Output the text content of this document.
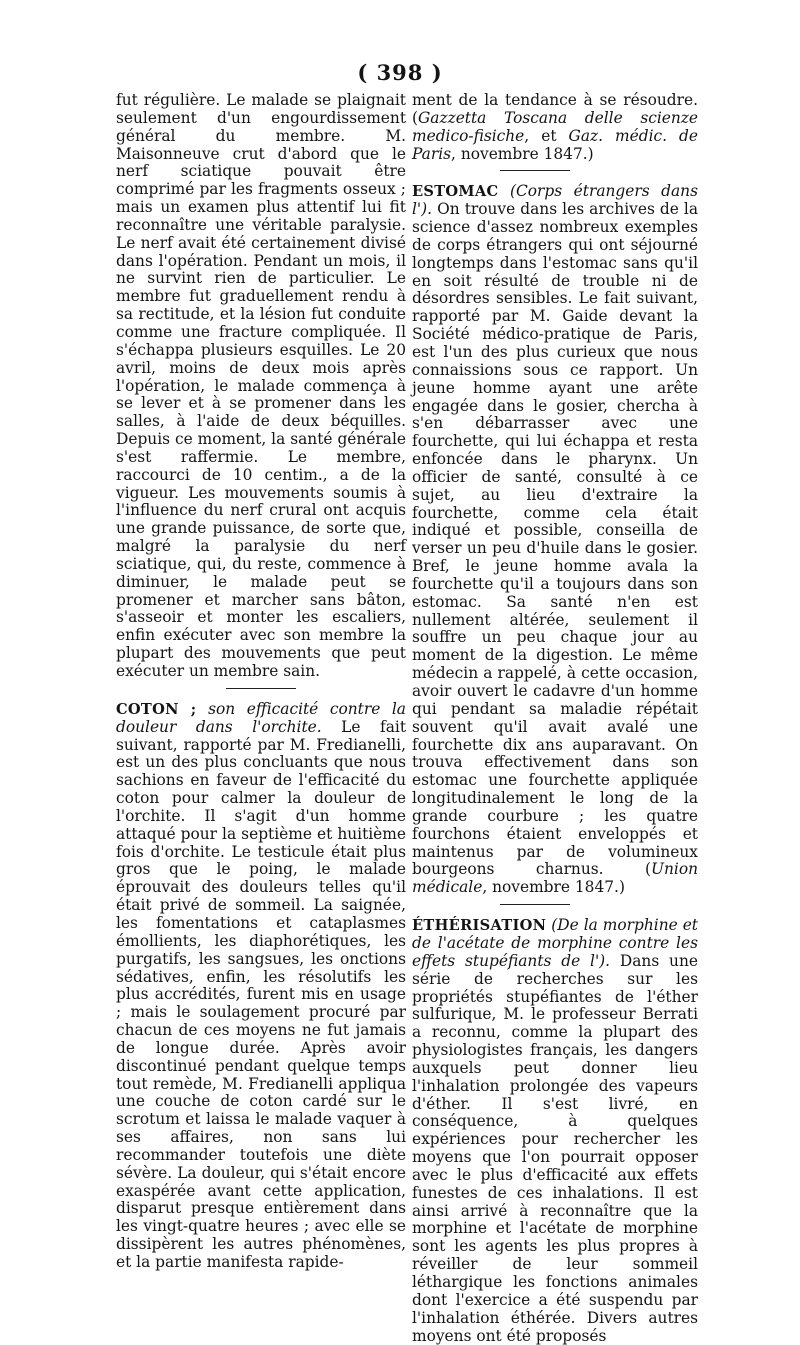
( 398 )

fut régulière. Le malade se plaignait seulement d'un engourdissement général du membre. M. Maisonneuve crut d'abord que le nerf sciatique pouvait être comprimé par les fragments osseux ; mais un examen plus attentif lui fit reconnaître une véritable paralysie. Le nerf avait été certainement divisé dans l'opération. Pendant un mois, il ne survint rien de particulier. Le membre fut graduellement rendu à sa rectitude, et la lésion fut conduite comme une fracture compliquée. Il s'échappa plusieurs esquilles. Le 20 avril, moins de deux mois après l'opération, le malade commença à se lever et à se promener dans les salles, à l'aide de deux béquilles. Depuis ce moment, la santé générale s'est raffermie. Le membre, raccourci de 10 centim., a de la vigueur. Les mouvements soumis à l'influence du nerf crural ont acquis une grande puissance, de sorte que, malgré la paralysie du nerf sciatique, qui, du reste, commence à diminuer, le malade peut se promener et marcher sans bâton, s'asseoir et monter les escaliers, enfin exécuter avec son membre la plupart des mouvements que peut exécuter un membre sain.

COTON ; son efficacité contre la douleur dans l'orchite. Le fait suivant, rapporté par M. Fredianelli, est un des plus concluants que nous sachions en faveur de l'efficacité du coton pour calmer la douleur de l'orchite. Il s'agit d'un homme attaqué pour la septième et huitième fois d'orchite. Le testicule était plus gros que le poing, le malade éprouvait des douleurs telles qu'il était privé de sommeil. La saignée, les fomentations et cataplasmes émollients, les diaphorétiques, les purgatifs, les sangsues, les onctions sédatives, enfin, les résolutifs les plus accrédités, furent mis en usage ; mais le soulagement procuré par chacun de ces moyens ne fut jamais de longue durée. Après avoir discontinué pendant quelque temps tout remède, M. Fredianelli appliqua une couche de coton cardé sur le scrotum et laissa le malade vaquer à ses affaires, non sans lui recommander toutefois une diète sévère. La douleur, qui s'était encore exaspérée avant cette application, disparut presque entièrement dans les vingt-quatre heures ; avec elle se dissipèrent les autres phénomènes, et la partie manifesta rapide-

ment de la tendance à se résoudre. (Gazzetta Toscana delle scienze medico-fisiche, et Gaz. médic. de Paris, novembre 1847.)

ESTOMAC (Corps étrangers dans l'). On trouve dans les archives de la science d'assez nombreux exemples de corps étrangers qui ont séjourné longtemps dans l'estomac sans qu'il en soit résulté de trouble ni de désordres sensibles. Le fait suivant, rapporté par M. Gaide devant la Société médico-pratique de Paris, est l'un des plus curieux que nous connaissions sous ce rapport. Un jeune homme ayant une arête engagée dans le gosier, chercha à s'en débarrasser avec une fourchette, qui lui échappa et resta enfoncée dans le pharynx. Un officier de santé, consulté à ce sujet, au lieu d'extraire la fourchette, comme cela était indiqué et possible, conseilla de verser un peu d'huile dans le gosier. Bref, le jeune homme avala la fourchette qu'il a toujours dans son estomac. Sa santé n'en est nullement altérée, seulement il souffre un peu chaque jour au moment de la digestion. Le même médecin a rappelé, à cette occasion, avoir ouvert le cadavre d'un homme qui pendant sa maladie répétait souvent qu'il avait avalé une fourchette dix ans auparavant. On trouva effectivement dans son estomac une fourchette appliquée longitudinalement le long de la grande courbure ; les quatre fourchons étaient enveloppés et maintenus par de volumineux bourgeons charnus. (Union médicale, novembre 1847.)

ÉTHÉRISATION (De la morphine et de l'acétate de morphine contre les effets stupéfiants de l'). Dans une série de recherches sur les propriétés stupéfiantes de l'éther sulfurique, M. le professeur Berrati a reconnu, comme la plupart des physiologistes français, les dangers auxquels peut donner lieu l'inhalation prolongée des vapeurs d'éther. Il s'est livré, en conséquence, à quelques expériences pour rechercher les moyens que l'on pourrait opposer avec le plus d'efficacité aux effets funestes de ces inhalations. Il est ainsi arrivé à reconnaître que la morphine et l'acétate de morphine sont les agents les plus propres à réveiller de leur sommeil léthargique les fonctions animales dont l'exercice a été suspendu par l'inhalation éthérée. Divers autres moyens ont été proposés
